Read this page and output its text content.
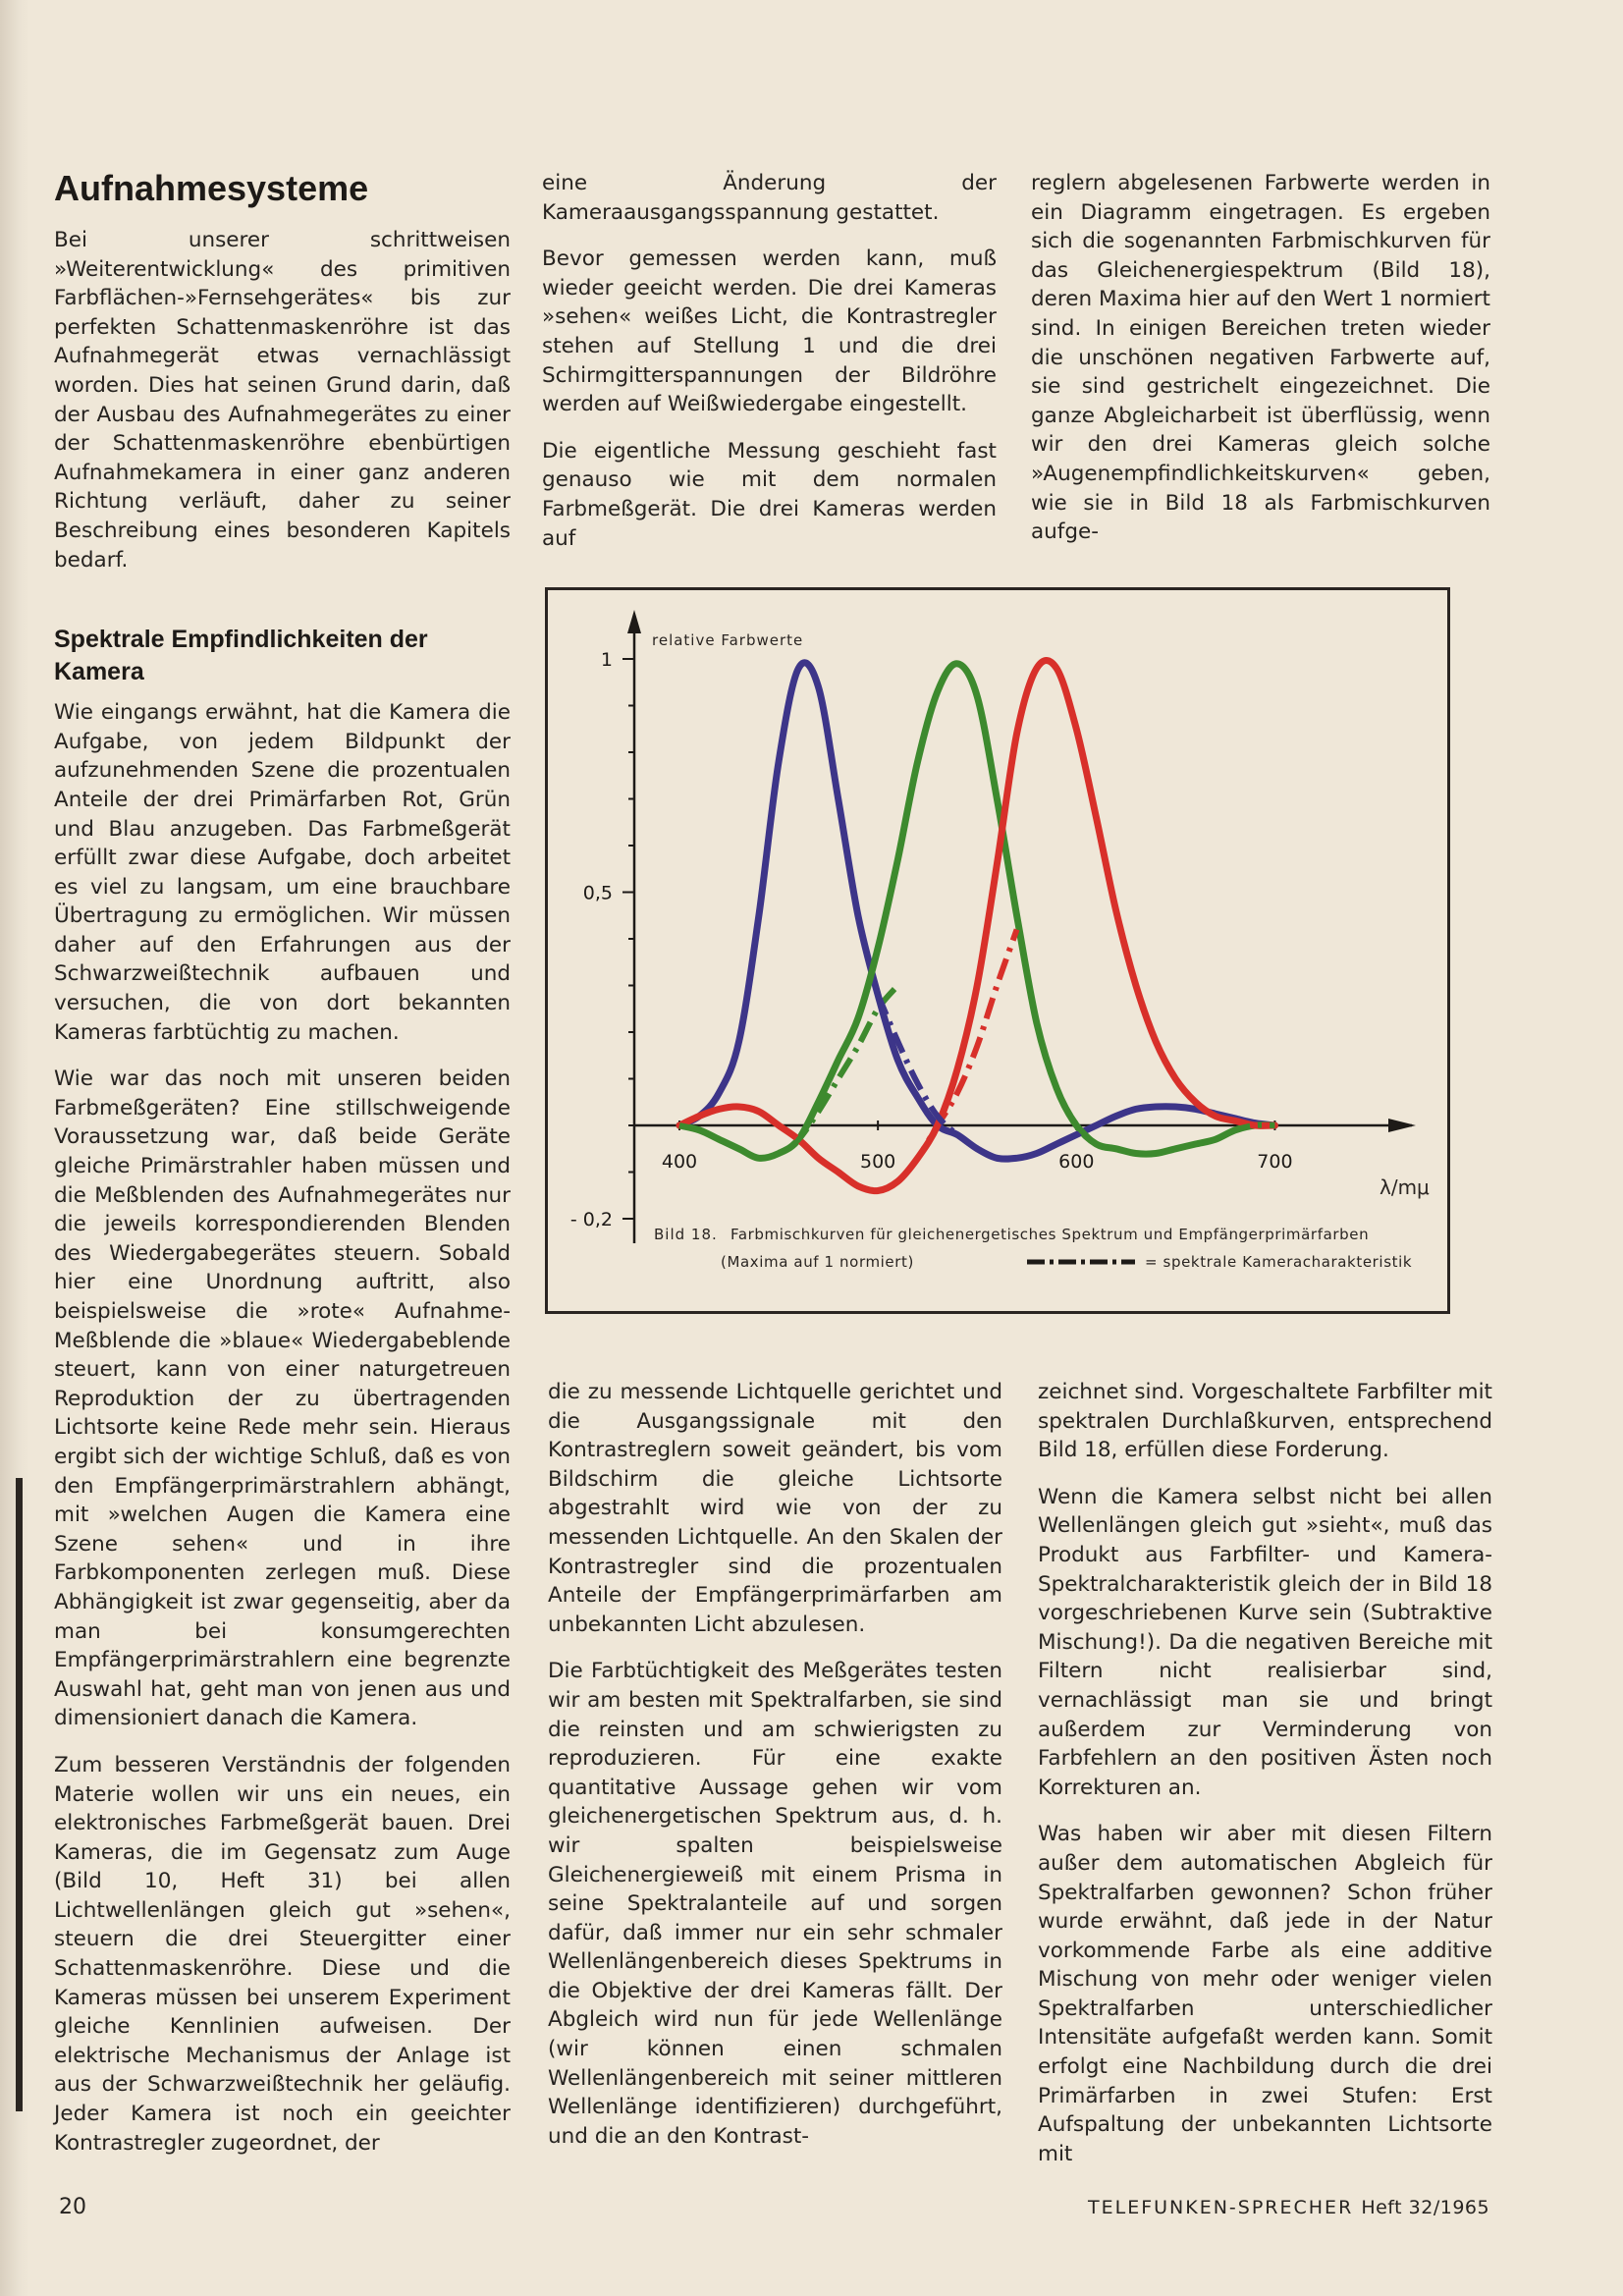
Aufnahmesysteme

Bei unserer schrittweisen »Weiterentwicklung« des primitiven Farbflächen-»Fernsehgerätes« bis zur perfekten Schattenmaskenröhre ist das Aufnahmegerät etwas vernachlässigt worden. Dies hat seinen Grund darin, daß der Ausbau des Aufnahmegerätes zu einer der Schattenmaskenröhre ebenbürtigen Aufnahmekamera in einer ganz anderen Richtung verläuft, daher zu seiner Beschreibung eines besonderen Kapitels bedarf.

Spektrale Empfindlichkeiten der Kamera

Wie eingangs erwähnt, hat die Kamera die Aufgabe, von jedem Bildpunkt der aufzunehmenden Szene die prozentualen Anteile der drei Primärfarben Rot, Grün und Blau anzugeben. Das Farbmeßgerät erfüllt zwar diese Aufgabe, doch arbeitet es viel zu langsam, um eine brauchbare Übertragung zu ermöglichen. Wir müssen daher auf den Erfahrungen aus der Schwarzweißtechnik aufbauen und versuchen, die von dort bekannten Kameras farbtüchtig zu machen.

Wie war das noch mit unseren beiden Farbmeßgeräten? Eine stillschweigende Voraussetzung war, daß beide Geräte gleiche Primärstrahler haben müssen und die Meßblenden des Aufnahmegerätes nur die jeweils korrespondierenden Blenden des Wiedergabegerätes steuern. Sobald hier eine Unordnung auftritt, also beispielsweise die »rote« Aufnahme-Meßblende die »blaue« Wiedergabeblende steuert, kann von einer naturgetreuen Reproduktion der zu übertragenden Lichtsorte keine Rede mehr sein. Hieraus ergibt sich der wichtige Schluß, daß es von den Empfängerprimärstrahlern abhängt, mit »welchen Augen die Kamera eine Szene sehen« und in ihre Farbkomponenten zerlegen muß. Diese Abhängigkeit ist zwar gegenseitig, aber da man bei konsumgerechten Empfängerprimärstrahlern eine begrenzte Auswahl hat, geht man von jenen aus und dimensioniert danach die Kamera.

Zum besseren Verständnis der folgenden Materie wollen wir uns ein neues, ein elektronisches Farbmeßgerät bauen. Drei Kameras, die im Gegensatz zum Auge (Bild 10, Heft 31) bei allen Lichtwellenlängen gleich gut »sehen«, steuern die drei Steuergitter einer Schattenmaskenröhre. Diese und die Kameras müssen bei unserem Experiment gleiche Kennlinien aufweisen. Der elektrische Mechanismus der Anlage ist aus der Schwarzweißtechnik her geläufig. Jeder Kamera ist noch ein geeichter Kontrastregler zugeordnet, der

eine Änderung der Kameraausgangsspannung gestattet.

Bevor gemessen werden kann, muß wieder geeicht werden. Die drei Kameras »sehen« weißes Licht, die Kontrastregler stehen auf Stellung 1 und die drei Schirmgitterspannungen der Bildröhre werden auf Weißwiedergabe eingestellt.

Die eigentliche Messung geschieht fast genauso wie mit dem normalen Farbmeßgerät. Die drei Kameras werden auf

reglern abgelesenen Farbwerte werden in ein Diagramm eingetragen. Es ergeben sich die sogenannten Farbmischkurven für das Gleichenergiespektrum (Bild 18), deren Maxima hier auf den Wert 1 normiert sind. In einigen Bereichen treten wieder die unschönen negativen Farbwerte auf, sie sind gestrichelt eingezeichnet. Die ganze Abgleicharbeit ist überflüssig, wenn wir den drei Kameras gleich solche »Augenempfindlichkeitskurven« geben, wie sie in Bild 18 als Farbmischkurven aufge-

1
0,5
- 0,2
400	500	600	700
relative Farbwerte
λ/mμ
Bild 18. Farbmischkurven für gleichenergetisches Spektrum und Empfängerprimärfarben
(Maxima auf 1 normiert)	= spektrale Kameracharakteristik

die zu messende Lichtquelle gerichtet und die Ausgangssignale mit den Kontrastreglern soweit geändert, bis vom Bildschirm die gleiche Lichtsorte abgestrahlt wird wie von der zu messenden Lichtquelle. An den Skalen der Kontrastregler sind die prozentualen Anteile der Empfängerprimärfarben am unbekannten Licht abzulesen.

Die Farbtüchtigkeit des Meßgerätes testen wir am besten mit Spektralfarben, sie sind die reinsten und am schwierigsten zu reproduzieren. Für eine exakte quantitative Aussage gehen wir vom gleichenergetischen Spektrum aus, d. h. wir spalten beispielsweise Gleichenergieweiß mit einem Prisma in seine Spektralanteile auf und sorgen dafür, daß immer nur ein sehr schmaler Wellenlängenbereich dieses Spektrums in die Objektive der drei Kameras fällt. Der Abgleich wird nun für jede Wellenlänge (wir können einen schmalen Wellenlängenbereich mit seiner mittleren Wellenlänge identifizieren) durchgeführt, und die an den Kontrast-

zeichnet sind. Vorgeschaltete Farbfilter mit spektralen Durchlaßkurven, entsprechend Bild 18, erfüllen diese Forderung.

Wenn die Kamera selbst nicht bei allen Wellenlängen gleich gut »sieht«, muß das Produkt aus Farbfilter- und Kamera-Spektralcharakteristik gleich der in Bild 18 vorgeschriebenen Kurve sein (Subtraktive Mischung!). Da die negativen Bereiche mit Filtern nicht realisierbar sind, vernachlässigt man sie und bringt außerdem zur Verminderung von Farbfehlern an den positiven Ästen noch Korrekturen an.

Was haben wir aber mit diesen Filtern außer dem automatischen Abgleich für Spektralfarben gewonnen? Schon früher wurde erwähnt, daß jede in der Natur vorkommende Farbe als eine additive Mischung von mehr oder weniger vielen Spektralfarben unterschiedlicher Intensitäte aufgefaßt werden kann. Somit erfolgt eine Nachbildung durch die drei Primärfarben in zwei Stufen: Erst Aufspaltung der unbekannten Lichtsorte mit

20	TELEFUNKEN-SPRECHER Heft 32/1965
